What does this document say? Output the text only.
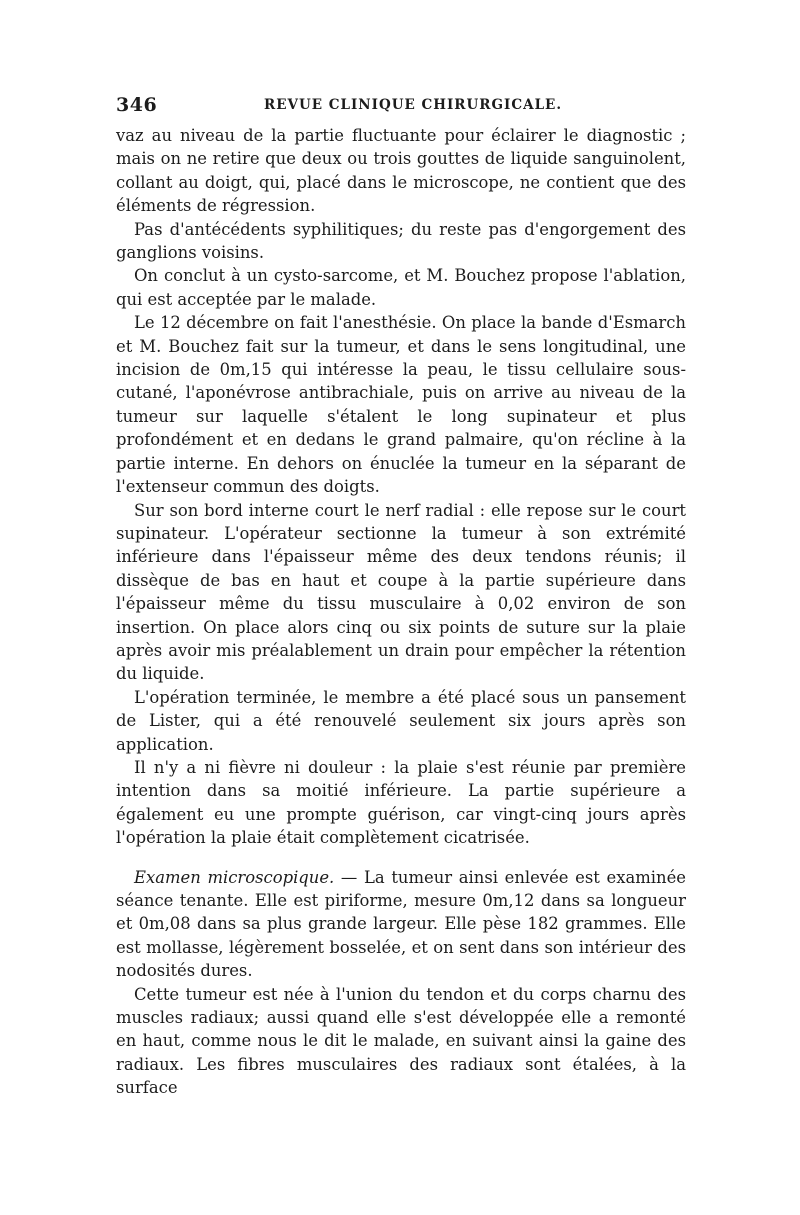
346	REVUE CLINIQUE CHIRURGICALE.

vaz au niveau de la partie fluctuante pour éclairer le diagnostic ; mais on ne retire que deux ou trois gouttes de liquide sanguinolent, collant au doigt, qui, placé dans le microscope, ne contient que des éléments de régression.

Pas d'antécédents syphilitiques; du reste pas d'engorgement des ganglions voisins.

On conclut à un cysto-sarcome, et M. Bouchez propose l'ablation, qui est acceptée par le malade.

Le 12 décembre on fait l'anesthésie. On place la bande d'Esmarch et M. Bouchez fait sur la tumeur, et dans le sens longitudinal, une incision de 0m,15 qui intéresse la peau, le tissu cellulaire sous-cutané, l'aponévrose antibrachiale, puis on arrive au niveau de la tumeur sur laquelle s'étalent le long supinateur et plus profondément et en dedans le grand palmaire, qu'on récline à la partie interne. En dehors on énuclée la tumeur en la séparant de l'extenseur commun des doigts.

Sur son bord interne court le nerf radial : elle repose sur le court supinateur. L'opérateur sectionne la tumeur à son extrémité inférieure dans l'épaisseur même des deux tendons réunis; il dissèque de bas en haut et coupe à la partie supérieure dans l'épaisseur même du tissu musculaire à 0,02 environ de son insertion. On place alors cinq ou six points de suture sur la plaie après avoir mis préalablement un drain pour empêcher la rétention du liquide.

L'opération terminée, le membre a été placé sous un pansement de Lister, qui a été renouvelé seulement six jours après son application.

Il n'y a ni fièvre ni douleur : la plaie s'est réunie par première intention dans sa moitié inférieure. La partie supérieure a également eu une prompte guérison, car vingt-cinq jours après l'opération la plaie était complètement cicatrisée.

Examen microscopique. — La tumeur ainsi enlevée est examinée séance tenante. Elle est piriforme, mesure 0m,12 dans sa longueur et 0m,08 dans sa plus grande largeur. Elle pèse 182 grammes. Elle est mollasse, légèrement bosselée, et on sent dans son intérieur des nodosités dures.

Cette tumeur est née à l'union du tendon et du corps charnu des muscles radiaux; aussi quand elle s'est développée elle a remonté en haut, comme nous le dit le malade, en suivant ainsi la gaine des radiaux. Les fibres musculaires des radiaux sont étalées, à la surface
